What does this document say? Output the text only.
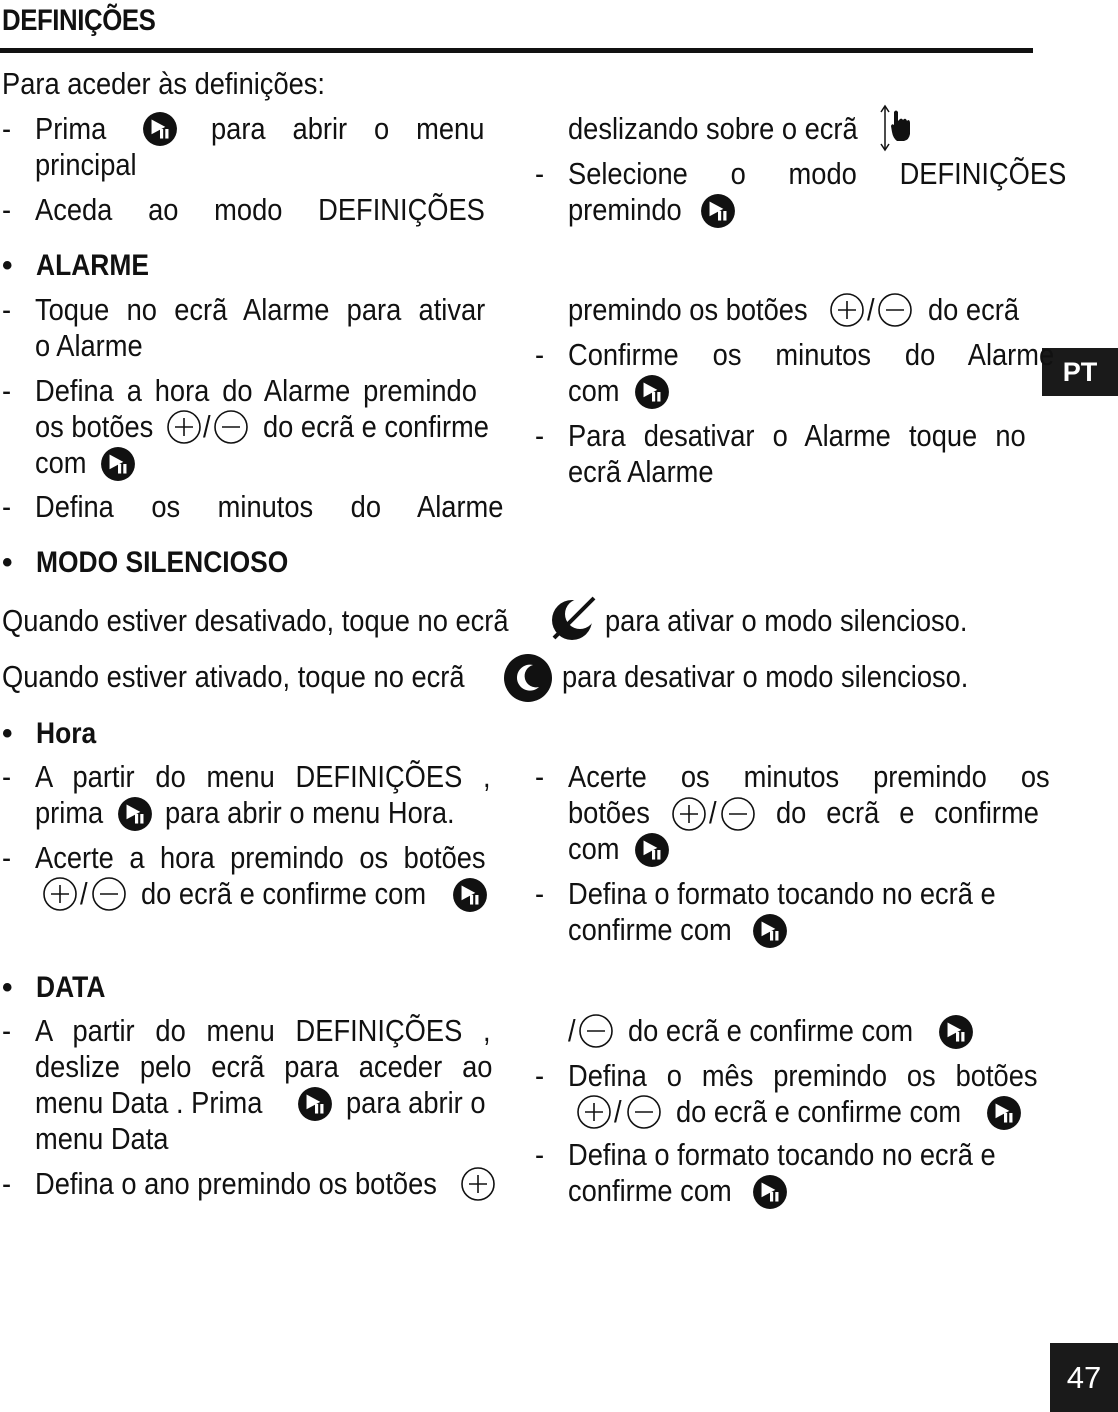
DEFINIÇÕES
PT
47
Para aceder às definições:
- Prima	para abrir o menu
principal
- Aceda ao modo DEFINIÇÕES
deslizando sobre o ecrã
- Selecione o modo DEFINIÇÕES
premindo
• ALARME
- Toque no ecrã Alarme para ativar
o Alarme
- Defina a hora do Alarme premindo
os botões / do ecrã e confirme
com
- Defina os minutos do Alarme
premindo os botões / do ecrã
- Confirme os minutos do Alarme
com
- Para desativar o Alarme toque no
ecrã Alarme
• MODO SILENCIOSO
Quando estiver desativado, toque no ecrã	para ativar o modo silencioso.
Quando estiver ativado, toque no ecrã	para desativar o modo silencioso.
• Hora
- A partir do menu DEFINIÇÕES ,
prima para abrir o menu Hora.
- Acerte a hora premindo os botões
/ do ecrã e confirme com
- Acerte os minutos premindo os
botões / do ecrã e confirme
com
- Defina o formato tocando no ecrã e
confirme com
• DATA
- A partir do menu DEFINIÇÕES ,
deslize pelo ecrã para aceder ao
menu Data . Prima	para abrir o
menu Data
- Defina o ano premindo os botões
/ do ecrã e confirme com
- Defina o mês premindo os botões
/ do ecrã e confirme com
- Defina o formato tocando no ecrã e
confirme com
